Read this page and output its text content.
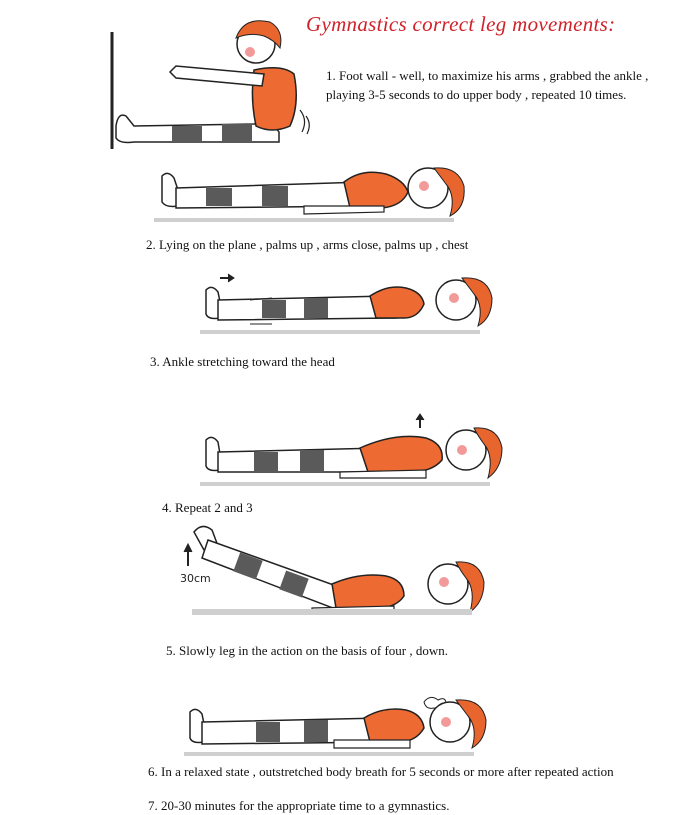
Gymnastics correct leg movements:
30cm
1. Foot wall - well, to maximize his arms , grabbed the ankle , playing 3-5 seconds to do upper body , repeated 10 times.
2. Lying on the plane , palms up , arms close, palms up , chest
3. Ankle stretching toward the head
4. Repeat 2 and 3
5. Slowly leg in the action on the basis of four , down.
6. In a relaxed state , outstretched body breath for 5 seconds or more after repeated action
7. 20-30 minutes for the appropriate time to a gymnastics.
